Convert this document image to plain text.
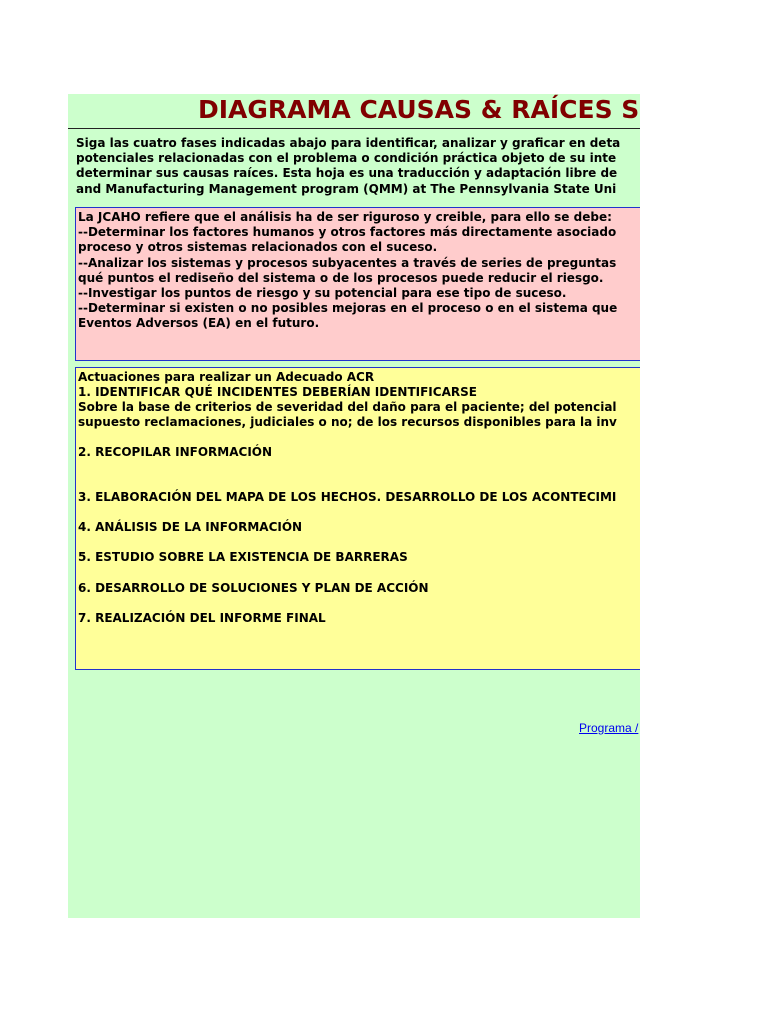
DIAGRAMA CAUSAS & RAÍCES S
Siga las cuatro fases indicadas abajo para identificar, analizar y graficar en deta
potenciales relacionadas con el problema o condición práctica objeto de su inte
determinar sus causas raíces. Esta hoja es una traducción y adaptación libre de
and Manufacturing Management program (QMM) at The Pennsylvania State Uni
La JCAHO refiere que el análisis ha de ser riguroso y creible, para ello se debe:
--Determinar los factores humanos y otros factores más directamente asociado
proceso y otros sistemas relacionados con el suceso.
--Analizar los sistemas y procesos subyacentes a través de series de preguntas
qué puntos el rediseño del sistema o de los procesos puede reducir el riesgo.
--Investigar los puntos de riesgo y su potencial para ese tipo de suceso.
--Determinar si existen o no posibles mejoras en el proceso o en el sistema que
Eventos Adversos (EA) en el futuro.
Actuaciones para realizar un Adecuado ACR
1. IDENTIFICAR QUÉ INCIDENTES DEBERÍAN IDENTIFICARSE
Sobre la base de criterios de severidad del daño para el paciente; del potencial
supuesto reclamaciones, judiciales o no; de los recursos disponibles para la inv
2. RECOPILAR INFORMACIÓN
3. ELABORACIÓN DEL MAPA DE LOS HECHOS. DESARROLLO DE LOS ACONTECIMI
4. ANÁLISIS DE LA INFORMACIÓN
5. ESTUDIO SOBRE LA EXISTENCIA DE BARRERAS
6. DESARROLLO DE SOLUCIONES Y PLAN DE ACCIÓN
7. REALIZACIÓN DEL INFORME FINAL
Programa /
